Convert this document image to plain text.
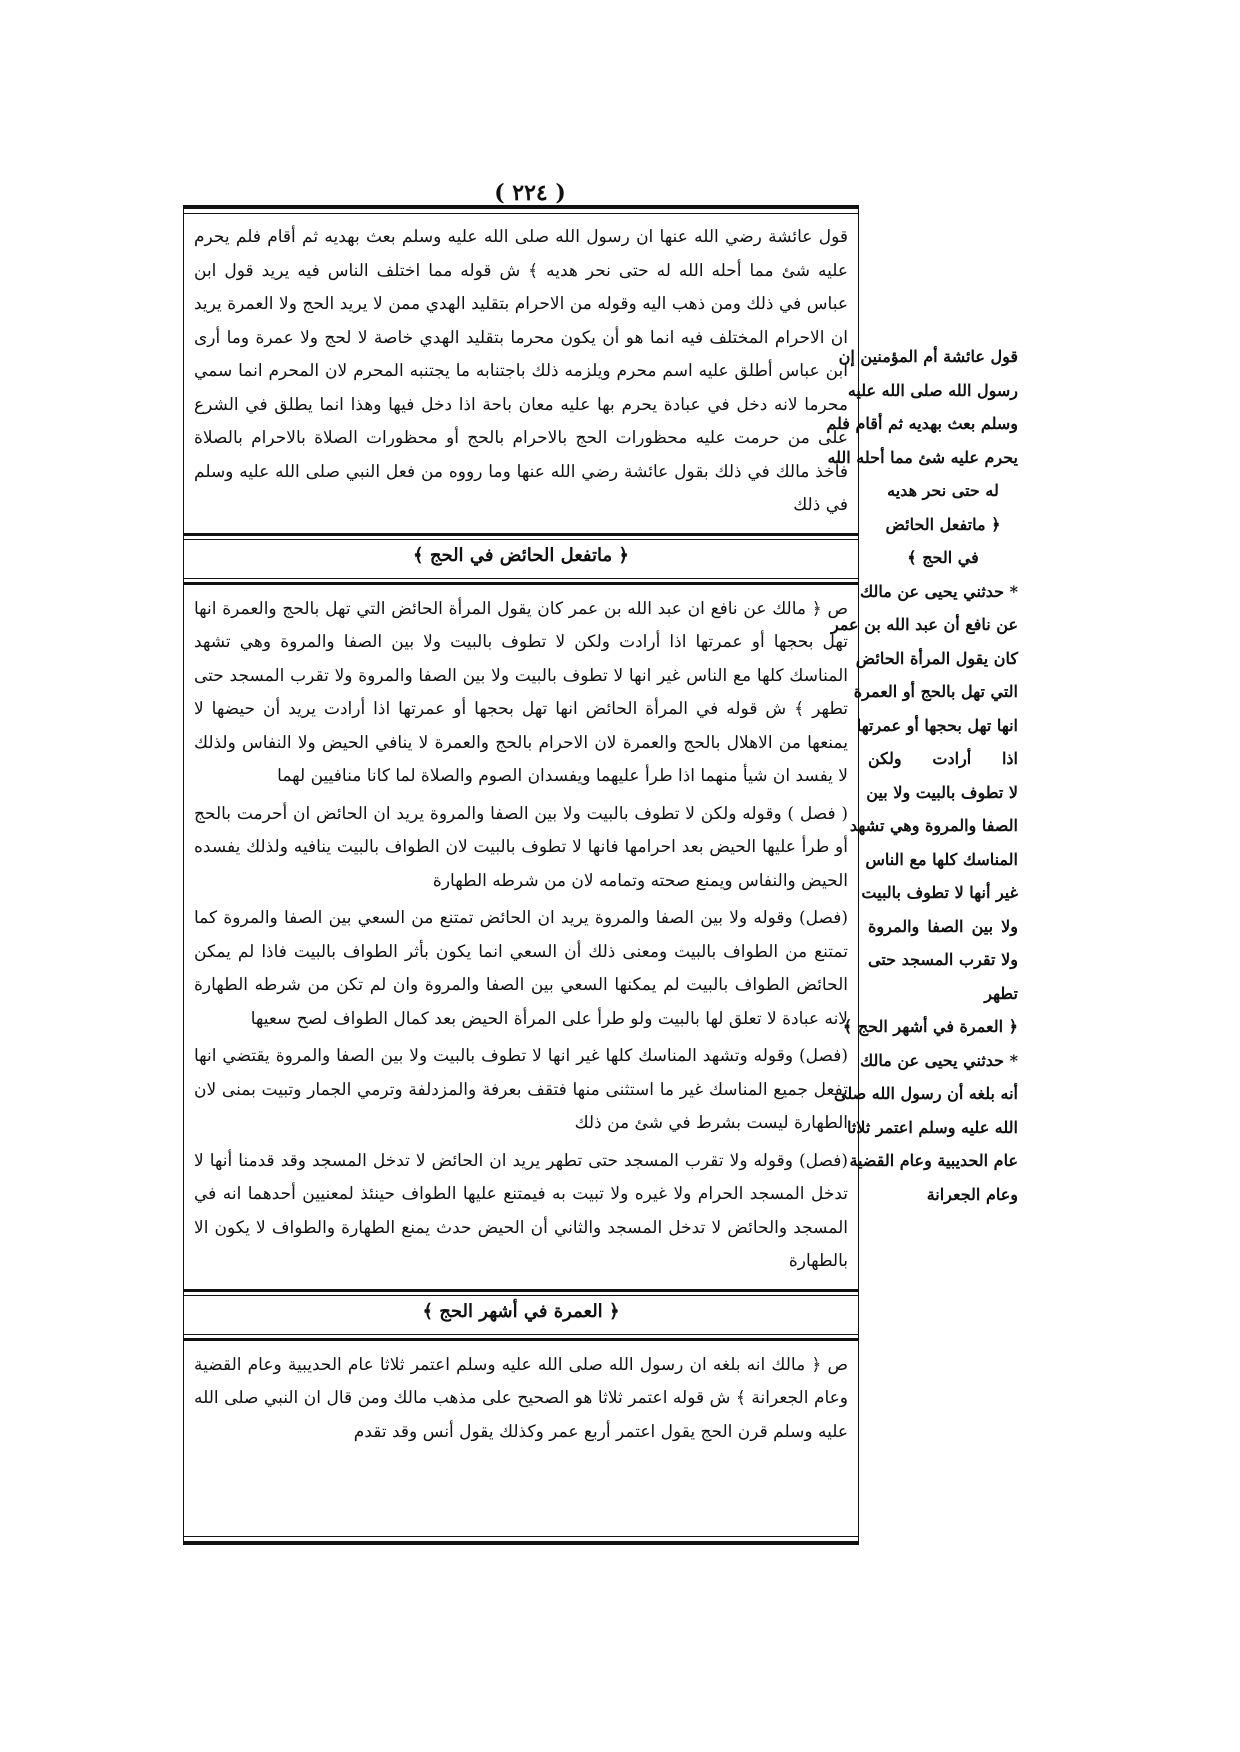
( ٢٢٤ )

قول عائشة رضي الله عنها ان رسول الله صلى الله عليه وسلم بعث بهديه ثم أقام فلم يحرم عليه شئ مما أحله الله له حتى نحر هديه ﴾ ش قوله مما اختلف الناس فيه يريد قول ابن عباس في ذلك ومن ذهب اليه وقوله من الاحرام بتقليد الهدي ممن لا يريد الحج ولا العمرة يريد ان الاحرام المختلف فيه انما هو أن يكون محرما بتقليد الهدي خاصة لا لحج ولا عمرة وما أرى ابن عباس أطلق عليه اسم محرم ويلزمه ذلك باجتنابه ما يجتنبه المحرم لان المحرم انما سمي محرما لانه دخل في عبادة يحرم بها عليه معان باحة اذا دخل فيها وهذا انما يطلق في الشرع على من حرمت عليه محظورات الحج بالاحرام بالحج أو محظورات الصلاة بالاحرام بالصلاة فأخذ مالك في ذلك بقول عائشة رضي الله عنها وما رووه من فعل النبي صلى الله عليه وسلم في ذلك

﴿ ماتفعل الحائض في الحج ﴾

ص ﴿ مالك عن نافع ان عبد الله بن عمر كان يقول المرأة الحائض التي تهل بالحج والعمرة انها تهل بحجها أو عمرتها اذا أرادت ولكن لا تطوف بالبيت ولا بين الصفا والمروة وهي تشهد المناسك كلها مع الناس غير انها لا تطوف بالبيت ولا بين الصفا والمروة ولا تقرب المسجد حتى تطهر ﴾ ش قوله في المرأة الحائض انها تهل بحجها أو عمرتها اذا أرادت يريد أن حيضها لا يمنعها من الاهلال بالحج والعمرة لان الاحرام بالحج والعمرة لا ينافي الحيض ولا النفاس ولذلك لا يفسد ان شيأ منهما اذا طرأ عليهما ويفسدان الصوم والصلاة لما كانا منافيين لهما

( فصل ) وقوله ولكن لا تطوف بالبيت ولا بين الصفا والمروة يريد ان الحائض ان أحرمت بالحج أو طرأ عليها الحيض بعد احرامها فانها لا تطوف بالبيت لان الطواف بالبيت ينافيه ولذلك يفسده الحيض والنفاس ويمنع صحته وتمامه لان من شرطه الطهارة

(فصل) وقوله ولا بين الصفا والمروة يريد ان الحائض تمتنع من السعي بين الصفا والمروة كما تمتنع من الطواف بالبيت ومعنى ذلك أن السعي انما يكون بأثر الطواف بالبيت فاذا لم يمكن الحائض الطواف بالبيت لم يمكنها السعي بين الصفا والمروة وان لم تكن من شرطه الطهارة لانه عبادة لا تعلق لها بالبيت ولو طرأ على المرأة الحيض بعد كمال الطواف لصح سعيها

(فصل) وقوله وتشهد المناسك كلها غير انها لا تطوف بالبيت ولا بين الصفا والمروة يقتضي انها تفعل جميع المناسك غير ما استثنى منها فتقف بعرفة والمزدلفة وترمي الجمار وتبيت بمنى لان الطهارة ليست بشرط في شئ من ذلك

(فصل) وقوله ولا تقرب المسجد حتى تطهر يريد ان الحائض لا تدخل المسجد وقد قدمنا أنها لا تدخل المسجد الحرام ولا غيره ولا تبيت به فيمتنع عليها الطواف حينئذ لمعنيين أحدهما انه في المسجد والحائض لا تدخل المسجد والثاني أن الحيض حدث يمنع الطهارة والطواف لا يكون الا بالطهارة

﴿ العمرة في أشهر الحج ﴾

ص ﴿ مالك انه بلغه ان رسول الله صلى الله عليه وسلم اعتمر ثلاثا عام الحديبية وعام القضية وعام الجعرانة ﴾ ش قوله اعتمر ثلاثا هو الصحيح على مذهب مالك ومن قال ان النبي صلى الله عليه وسلم قرن الحج يقول اعتمر أربع عمر وكذلك يقول أنس وقد تقدم

قول عائشة أم المؤمنين إن

رسول الله صلى الله عليه

وسلم بعث بهديه ثم أقام فلم

يحرم عليه شئ مما أحله الله

له حتى نحر هديه

﴿ ماتفعل الحائض

في الحج ﴾

* حدثني يحيى عن مالك

عن نافع أن عبد الله بن عمر

كان يقول المرأة الحائض

التي تهل بالحج أو العمرة

انها تهل بحجها أو عمرتها

اذا أرادت ولكن

لا تطوف بالبيت ولا بين

الصفا والمروة وهي تشهد

المناسك كلها مع الناس

غير أنها لا تطوف بالبيت

ولا بين الصفا والمروة

ولا تقرب المسجد حتى

تطهر

﴿ العمرة في أشهر الحج ﴾

* حدثني يحيى عن مالك

أنه بلغه أن رسول الله صلى

الله عليه وسلم اعتمر ثلاثا

عام الحديبية وعام القضية

وعام الجعرانة
